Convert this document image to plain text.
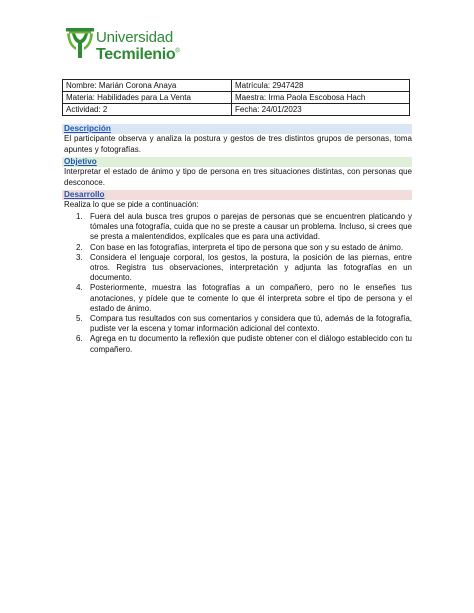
Universidad
Tecmilenio®
Nombre: Marián Corona Anaya	Matrícula: 2947428
Materia: Habilidades para La Venta	Maestra: Irma Paola Escobosa Hach
Actividad: 2	Fecha: 24/01/2023
Descripción
El participante observa y analiza la postura y gestos de tres distintos grupos de personas, toma apuntes y fotografías.
Objetivo
Interpretar el estado de ánimo y tipo de persona en tres situaciones distintas, con personas que desconoce.
Desarrollo
Realiza lo que se pide a continuación:
1. Fuera del aula busca tres grupos o parejas de personas que se encuentren platicando y tómales una fotografía, cuida que no se preste a causar un problema. Incluso, si crees que se presta a malentendidos, explícales que es para una actividad.
2. Con base en las fotografías, interpreta el tipo de persona que son y su estado de ánimo.
3. Considera el lenguaje corporal, los gestos, la postura, la posición de las piernas, entre otros. Registra tus observaciones, interpretación y adjunta las fotografías en un documento.
4. Posteriormente, muestra las fotografías a un compañero, pero no le enseñes tus anotaciones, y pídele que te comente lo que él interpreta sobre el tipo de persona y el estado de ánimo.
5. Compara tus resultados con sus comentarios y considera que tú, además de la fotografía, pudiste ver la escena y tomar información adicional del contexto.
6. Agrega en tu documento la reflexión que pudiste obtener con el diálogo establecido con tu compañero.
